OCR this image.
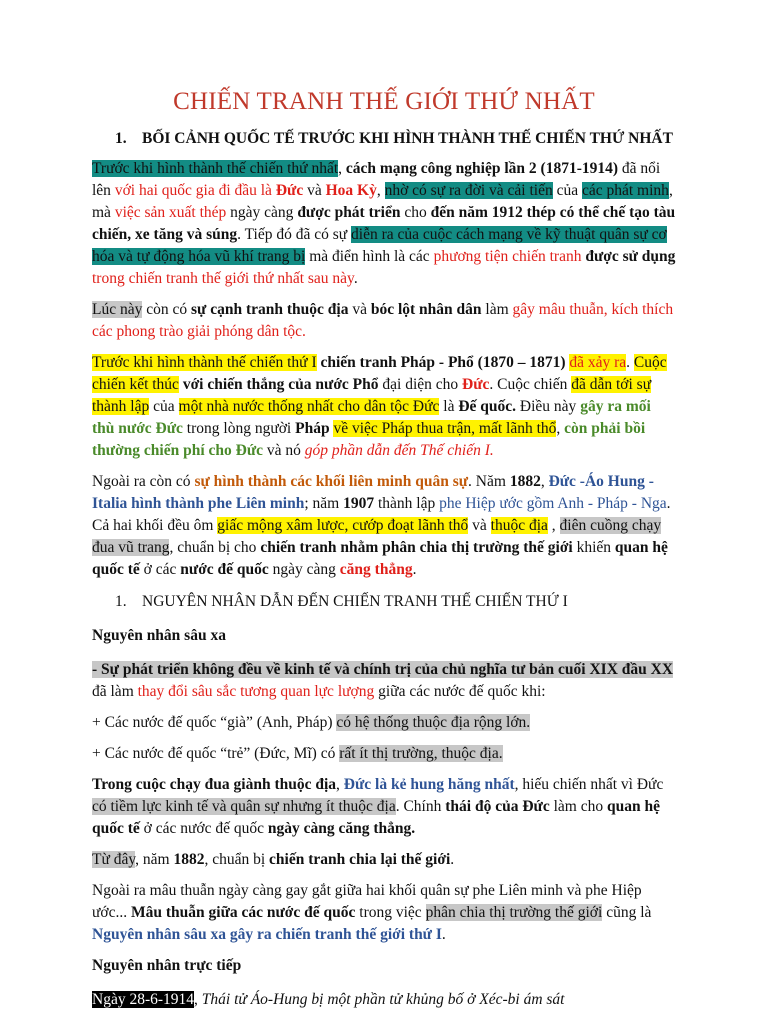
CHIẾN TRANH THẾ GIỚI THỨ NHẤT
1. BỐI CẢNH QUỐC TẾ TRƯỚC KHI HÌNH THÀNH THẾ CHIẾN THỨ NHẤT

Trước khi hình thành thế chiến thứ nhất, cách mạng công nghiệp lần 2 (1871-1914) đã nổi lên với hai quốc gia đi đầu là Đức và Hoa Kỳ, nhờ có sự ra đời và cải tiến của các phát minh, mà việc sản xuất thép ngày càng được phát triển cho đến năm 1912 thép có thể chế tạo tàu chiến, xe tăng và súng. Tiếp đó đã có sự diễn ra của cuộc cách mạng về kỹ thuật quân sự cơ hóa và tự động hóa vũ khí trang bị mà điển hình là các phương tiện chiến tranh được sử dụng trong chiến tranh thế giới thứ nhất sau này.

Lúc này còn có sự cạnh tranh thuộc địa và bóc lột nhân dân làm gây mâu thuẫn, kích thích các phong trào giải phóng dân tộc.

Trước khi hình thành thế chiến thứ I chiến tranh Pháp - Phổ (1870 – 1871) đã xảy ra. Cuộc chiến kết thúc với chiến thắng của nước Phổ đại diện cho Đức. Cuộc chiến đã dẫn tới sự thành lập của một nhà nước thống nhất cho dân tộc Đức là Đế quốc. Điều này gây ra mối thù nước Đức trong lòng người Pháp về việc Pháp thua trận, mất lãnh thổ, còn phải bồi thường chiến phí cho Đức và nó góp phần dẫn đến Thế chiến I.

Ngoài ra còn có sự hình thành các khối liên minh quân sự. Năm 1882, Đức -Áo Hung - Italia hình thành phe Liên minh; năm 1907 thành lập phe Hiệp ước gồm Anh - Pháp - Nga. Cả hai khối đều ôm giấc mộng xâm lược, cướp đoạt lãnh thổ và thuộc địa , điên cuồng chạy đua vũ trang, chuẩn bị cho chiến tranh nhằm phân chia thị trường thế giới khiến quan hệ quốc tế ở các nước đế quốc ngày càng căng thẳng.

1. NGUYÊN NHÂN DẪN ĐẾN CHIẾN TRANH THẾ CHIẾN THỨ I

Nguyên nhân sâu xa

- Sự phát triển không đều về kinh tế và chính trị của chủ nghĩa tư bản cuối XIX đầu XX đã làm thay đổi sâu sắc tương quan lực lượng giữa các nước đế quốc khi:

+ Các nước đế quốc “già” (Anh, Pháp) có hệ thống thuộc địa rộng lớn.

+ Các nước đế quốc “trẻ” (Đức, Mĩ) có rất ít thị trường, thuộc địa.

Trong cuộc chạy đua giành thuộc địa, Đức là kẻ hung hăng nhất, hiếu chiến nhất vì Đức có tiềm lực kinh tế và quân sự nhưng ít thuộc địa. Chính thái độ của Đức làm cho quan hệ quốc tế ở các nước đế quốc ngày càng căng thẳng.

Từ đây, năm 1882, chuẩn bị chiến tranh chia lại thế giới.

Ngoài ra mâu thuẫn ngày càng gay gắt giữa hai khối quân sự phe Liên minh và phe Hiệp ước... Mâu thuẫn giữa các nước đế quốc trong việc phân chia thị trường thế giới cũng là Nguyên nhân sâu xa gây ra chiến tranh thế giới thứ I.

Nguyên nhân trực tiếp

Ngày 28-6-1914, Thái tử Áo-Hung bị một phần tử khủng bố ở Xéc-bi ám sát
